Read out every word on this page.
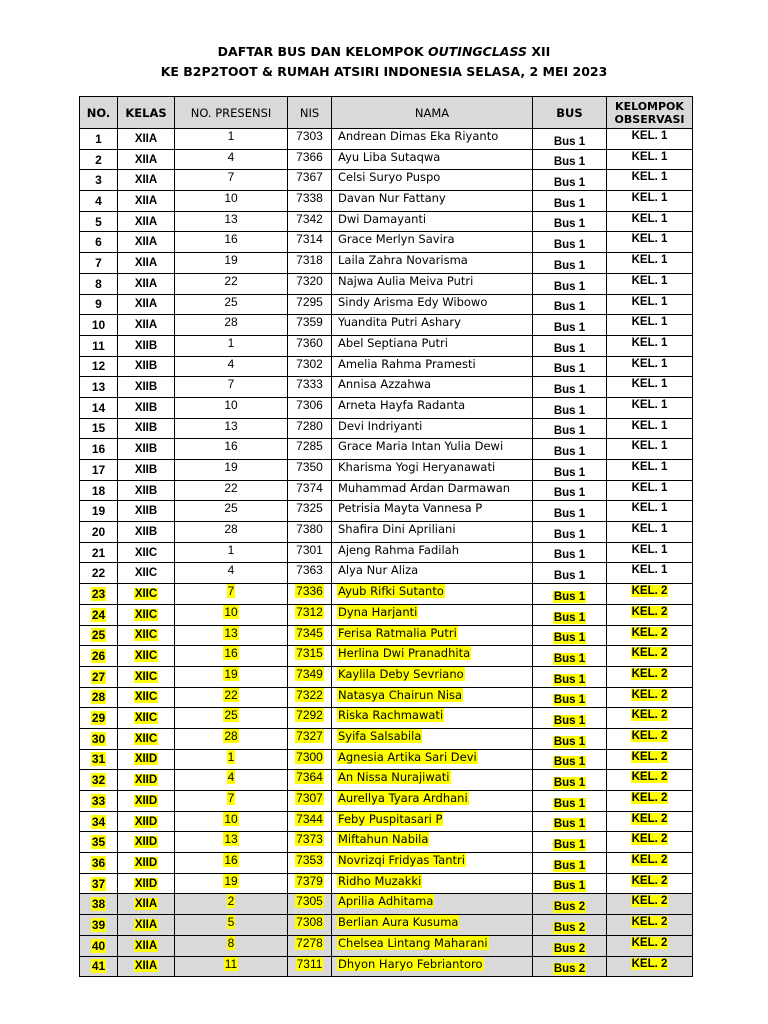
DAFTAR BUS DAN KELOMPOK OUTINGCLASS XII
KE B2P2TOOT & RUMAH ATSIRI INDONESIA SELASA, 2 MEI 2023
NO.	KELAS	NO. PRESENSI	NIS	NAMA	BUS	KELOMPOK
OBSERVASI

1	XIIA	1	7303	Andrean Dimas Eka Riyanto	Bus 1	KEL. 1
2	XIIA	4	7366	Ayu Liba Sutaqwa	Bus 1	KEL. 1
3	XIIA	7	7367	Celsi Suryo Puspo	Bus 1	KEL. 1
4	XIIA	10	7338	Davan Nur Fattany	Bus 1	KEL. 1
5	XIIA	13	7342	Dwi Damayanti	Bus 1	KEL. 1
6	XIIA	16	7314	Grace Merlyn Savira	Bus 1	KEL. 1
7	XIIA	19	7318	Laila Zahra Novarisma	Bus 1	KEL. 1
8	XIIA	22	7320	Najwa Aulia Meiva Putri	Bus 1	KEL. 1
9	XIIA	25	7295	Sindy Arisma Edy Wibowo	Bus 1	KEL. 1
10	XIIA	28	7359	Yuandita Putri Ashary	Bus 1	KEL. 1
11	XIIB	1	7360	Abel Septiana Putri	Bus 1	KEL. 1
12	XIIB	4	7302	Amelia Rahma Pramesti	Bus 1	KEL. 1
13	XIIB	7	7333	Annisa Azzahwa	Bus 1	KEL. 1
14	XIIB	10	7306	Arneta Hayfa Radanta	Bus 1	KEL. 1
15	XIIB	13	7280	Devi Indriyanti	Bus 1	KEL. 1
16	XIIB	16	7285	Grace Maria Intan Yulia Dewi	Bus 1	KEL. 1
17	XIIB	19	7350	Kharisma Yogi Heryanawati	Bus 1	KEL. 1
18	XIIB	22	7374	Muhammad Ardan Darmawan	Bus 1	KEL. 1
19	XIIB	25	7325	Petrisia Mayta Vannesa P	Bus 1	KEL. 1
20	XIIB	28	7380	Shafira Dini Apriliani	Bus 1	KEL. 1
21	XIIC	1	7301	Ajeng Rahma Fadilah	Bus 1	KEL. 1
22	XIIC	4	7363	Alya Nur Aliza	Bus 1	KEL. 1
23	XIIC	7	7336	Ayub Rifki Sutanto	Bus 1	KEL. 2
24	XIIC	10	7312	Dyna Harjanti	Bus 1	KEL. 2
25	XIIC	13	7345	Ferisa Ratmalia Putri	Bus 1	KEL. 2
26	XIIC	16	7315	Herlina Dwi Pranadhita	Bus 1	KEL. 2
27	XIIC	19	7349	Kaylila Deby Sevriano	Bus 1	KEL. 2
28	XIIC	22	7322	Natasya Chairun Nisa	Bus 1	KEL. 2
29	XIIC	25	7292	Riska Rachmawati	Bus 1	KEL. 2
30	XIIC	28	7327	Syifa Salsabila	Bus 1	KEL. 2
31	XIID	1	7300	Agnesia Artika Sari Devi	Bus 1	KEL. 2
32	XIID	4	7364	An Nissa Nurajiwati	Bus 1	KEL. 2
33	XIID	7	7307	Aurellya Tyara Ardhani	Bus 1	KEL. 2
34	XIID	10	7344	Feby Puspitasari P	Bus 1	KEL. 2
35	XIID	13	7373	Miftahun Nabila	Bus 1	KEL. 2
36	XIID	16	7353	Novrizqi Fridyas Tantri	Bus 1	KEL. 2
37	XIID	19	7379	Ridho Muzakki	Bus 1	KEL. 2
38	XIIA	2	7305	Aprilia Adhitama	Bus 2	KEL. 2
39	XIIA	5	7308	Berlian Aura Kusuma	Bus 2	KEL. 2
40	XIIA	8	7278	Chelsea Lintang Maharani	Bus 2	KEL. 2
41	XIIA	11	7311	Dhyon Haryo Febriantoro	Bus 2	KEL. 2
